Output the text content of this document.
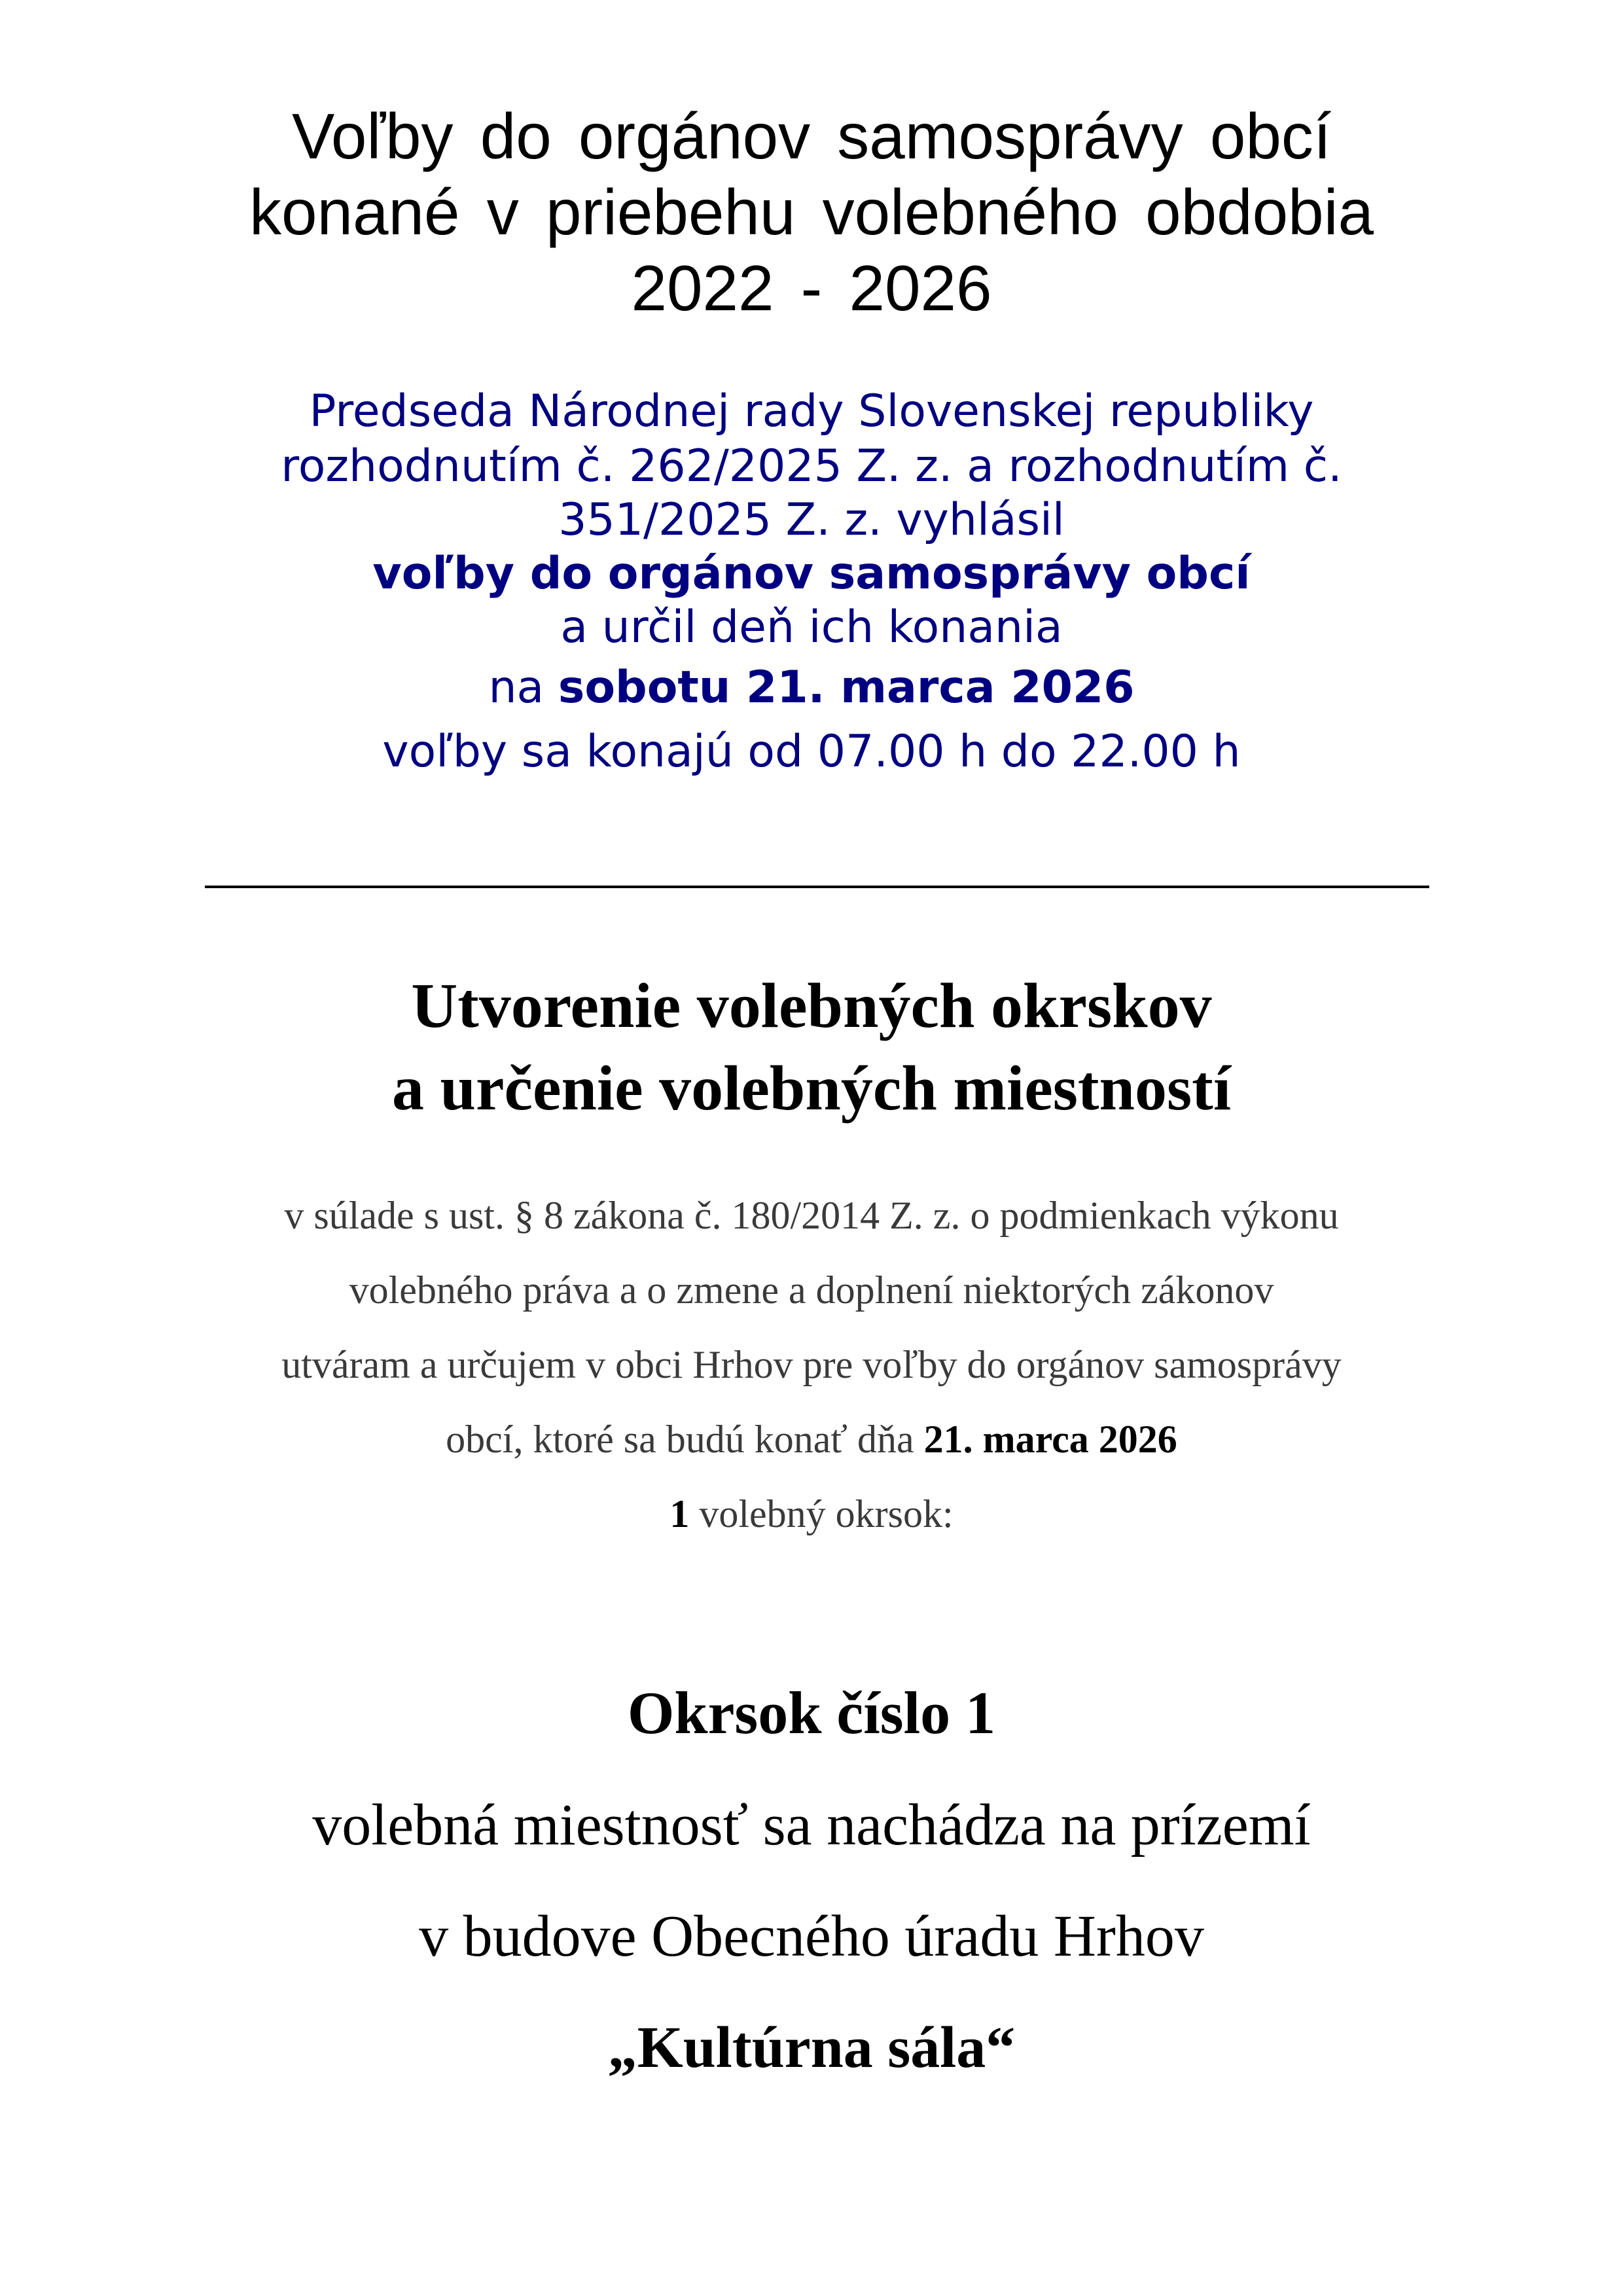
Voľby do orgánov samosprávy obcí
konané v priebehu volebného obdobia
2022 - 2026
Predseda Národnej rady Slovenskej republiky
rozhodnutím č. 262/2025 Z. z. a rozhodnutím č.
351/2025 Z. z. vyhlásil
voľby do orgánov samosprávy obcí
a určil deň ich konania
na sobotu 21. marca 2026
voľby sa konajú od 07.00 h do 22.00 h
Utvorenie volebných okrskov
a určenie volebných miestností
v súlade s ust. § 8 zákona č. 180/2014 Z. z. o podmienkach výkonu
volebného práva a o zmene a doplnení niektorých zákonov
utváram a určujem v obci Hrhov pre voľby do orgánov samosprávy
obcí, ktoré sa budú konať dňa 21. marca 2026
1 volebný okrsok:
Okrsok číslo 1
volebná miestnosť sa nachádza na prízemí
v budove Obecného úradu Hrhov
„Kultúrna sála“
